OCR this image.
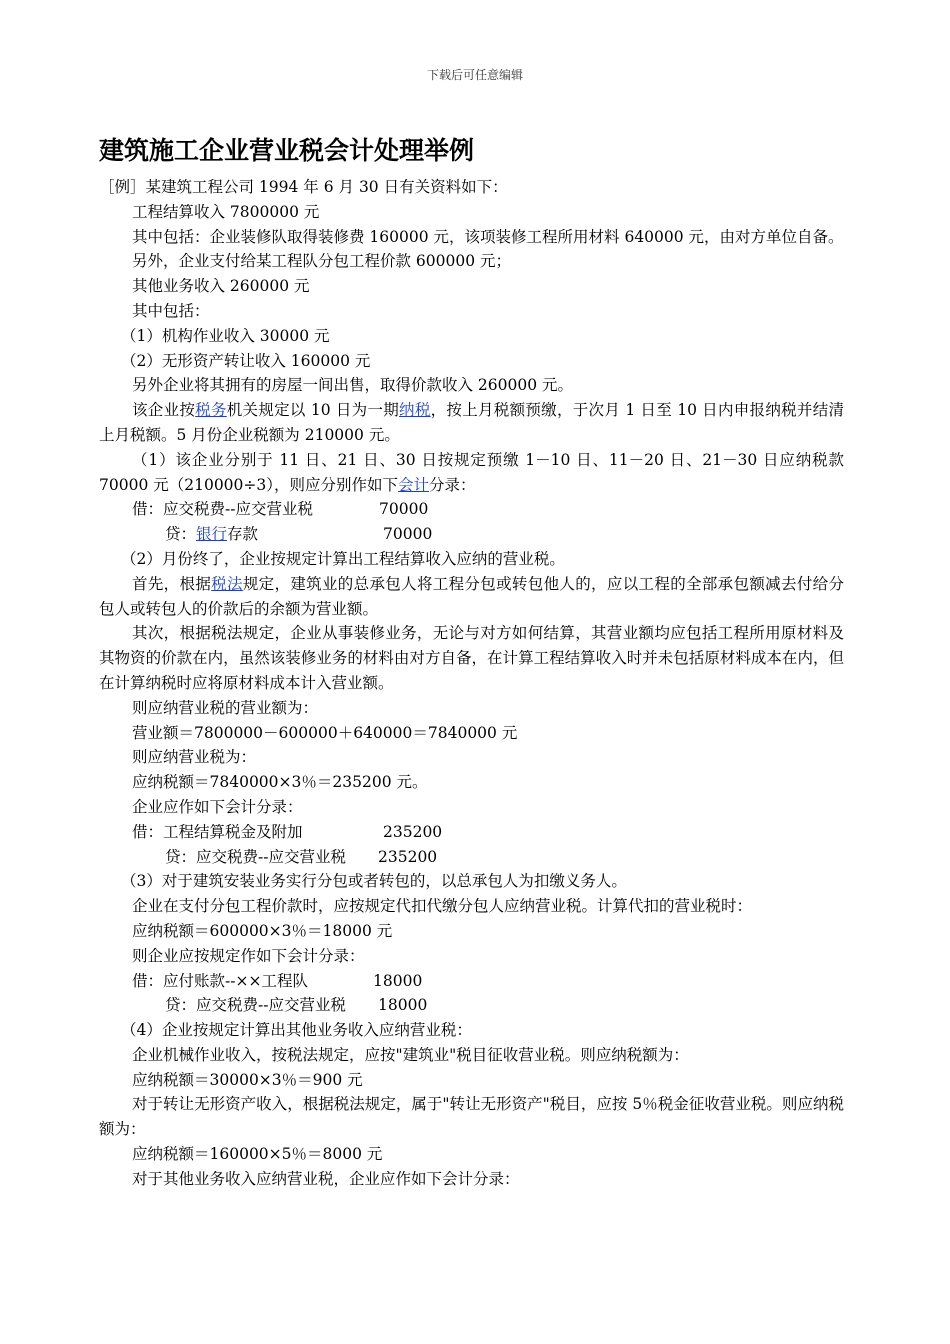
下载后可任意编辑
建筑施工企业营业税会计处理举例

［例］某建筑工程公司 1994 年 6 月 30 日有关资料如下：

工程结算收入 7800000 元

其中包括：企业装修队取得装修费 160000 元，该项装修工程所用材料 640000 元，由对方单位自备。

另外，企业支付给某工程队分包工程价款 600000 元；

其他业务收入 260000 元

其中包括：

（1）机构作业收入 30000 元

（2）无形资产转让收入 160000 元

另外企业将其拥有的房屋一间出售，取得价款收入 260000 元。

该企业按税务机关规定以 10 日为一期纳税，按上月税额预缴，于次月 1 日至 10 日内申报纳税并结清上月税额。5 月份企业税额为 210000 元。

（1）该企业分别于 11 日、21 日、30 日按规定预缴 1－10 日、11－20 日、21－30 日应纳税款 70000 元（210000÷3），则应分别作如下会计分录：

借：应交税费--应交营业税	70000

贷：银行存款	70000

（2）月份终了，企业按规定计算出工程结算收入应纳的营业税。

首先，根据税法规定，建筑业的总承包人将工程分包或转包他人的，应以工程的全部承包额减去付给分包人或转包人的价款后的余额为营业额。

其次，根据税法规定，企业从事装修业务，无论与对方如何结算，其营业额均应包括工程所用原材料及其物资的价款在内，虽然该装修业务的材料由对方自备，在计算工程结算收入时并未包括原材料成本在内，但在计算纳税时应将原材料成本计入营业额。

则应纳营业税的营业额为：

营业额＝7800000－600000＋640000＝7840000 元

则应纳营业税为：

应纳税额＝7840000×3％＝235200 元。

企业应作如下会计分录：

借：工程结算税金及附加	235200

贷：应交税费--应交营业税 235200

（3）对于建筑安装业务实行分包或者转包的，以总承包人为扣缴义务人。

企业在支付分包工程价款时，应按规定代扣代缴分包人应纳营业税。计算代扣的营业税时：

应纳税额＝600000×3％＝18000 元

则企业应按规定作如下会计分录：

借：应付账款--××工程队	18000

贷：应交税费--应交营业税 18000

（4）企业按规定计算出其他业务收入应纳营业税：

企业机械作业收入，按税法规定，应按"建筑业"税目征收营业税。则应纳税额为：

应纳税额＝30000×3％＝900 元

对于转让无形资产收入，根据税法规定，属于"转让无形资产"税目，应按 5％税金征收营业税。则应纳税额为：

应纳税额＝160000×5％＝8000 元

对于其他业务收入应纳营业税，企业应作如下会计分录：
